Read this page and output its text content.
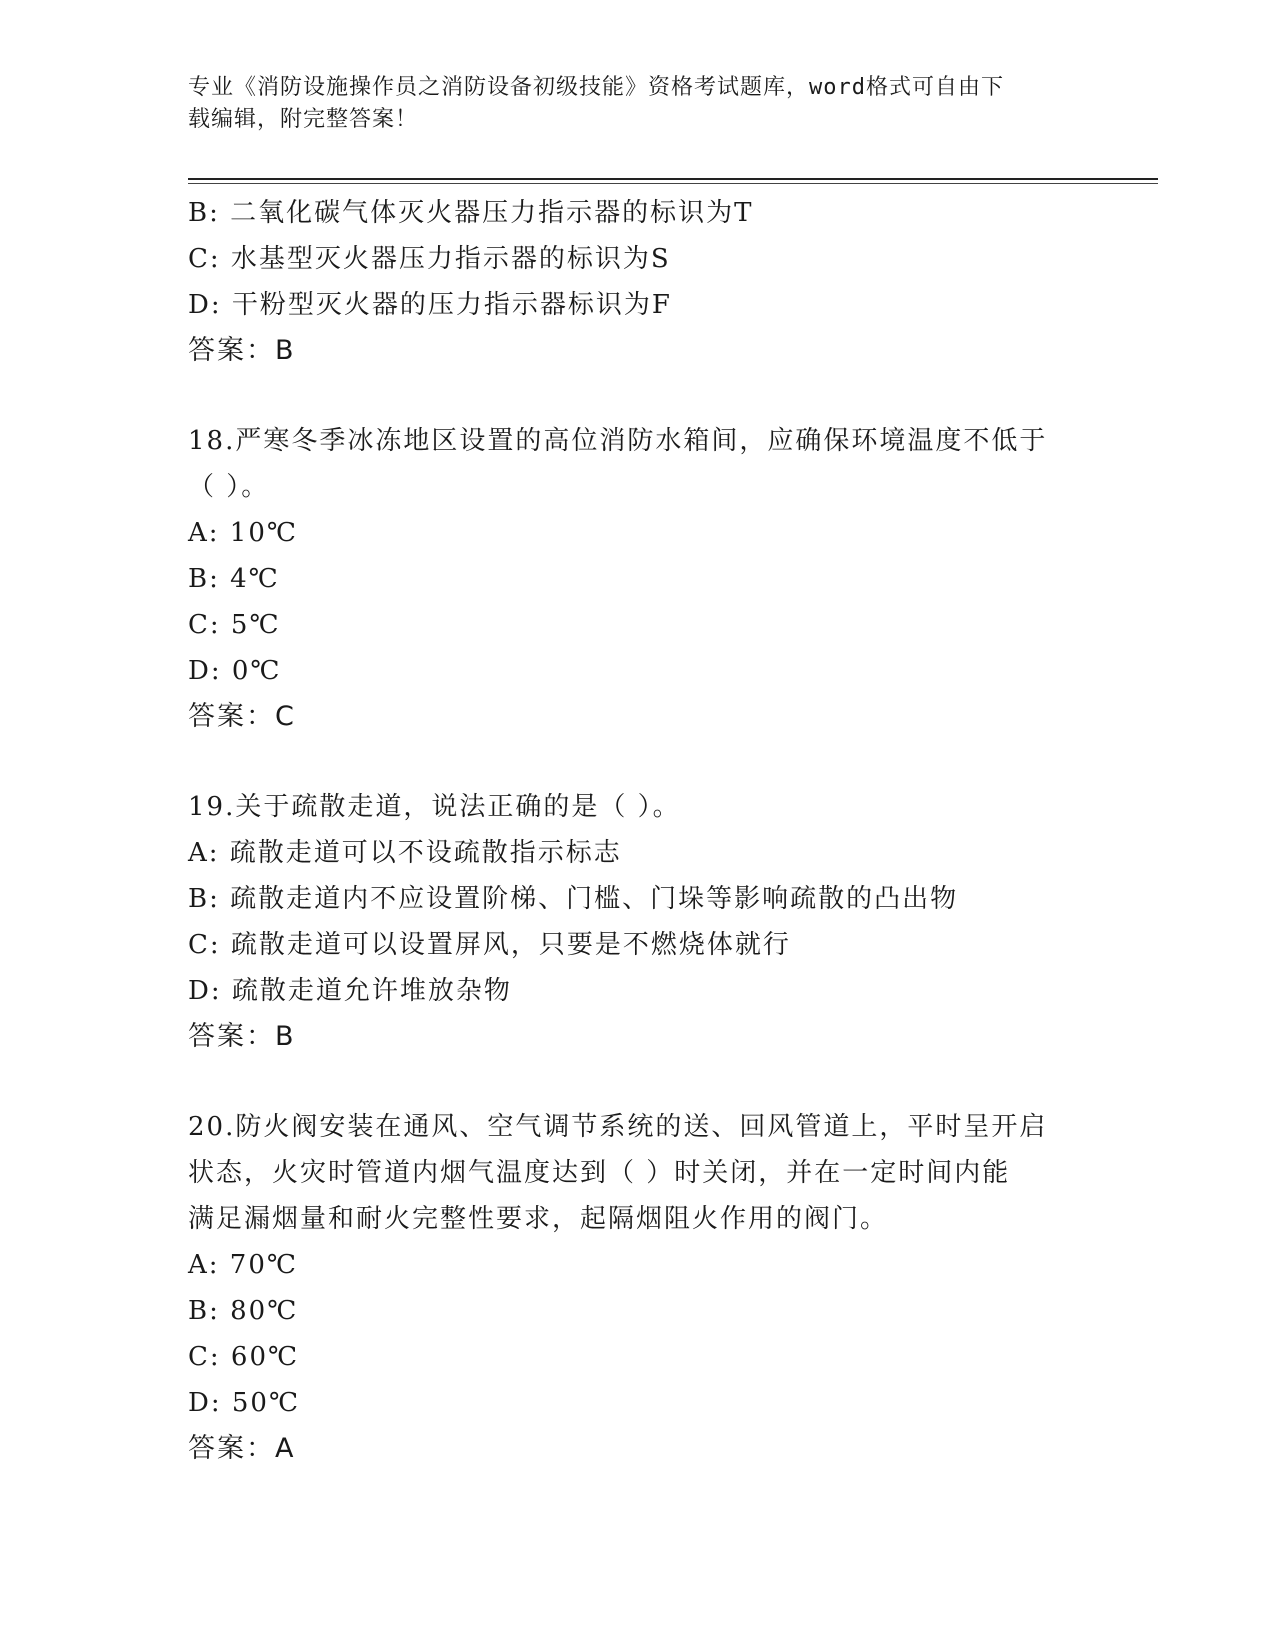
专业《消防设施操作员之消防设备初级技能》资格考试题库，word格式可自由下
载编辑，附完整答案！
B: 二氧化碳气体灭火器压力指示器的标识为T
C: 水基型灭火器压力指示器的标识为S
D: 干粉型灭火器的压力指示器标识为F
答案：B
18.严寒冬季冰冻地区设置的高位消防水箱间，应确保环境温度不低于
（ ）。
A: 10℃
B: 4℃
C: 5℃
D: 0℃
答案：C
19.关于疏散走道，说法正确的是（ ）。
A: 疏散走道可以不设疏散指示标志
B: 疏散走道内不应设置阶梯、门槛、门垛等影响疏散的凸出物
C: 疏散走道可以设置屏风，只要是不燃烧体就行
D: 疏散走道允许堆放杂物
答案：B
20.防火阀安装在通风、空气调节系统的送、回风管道上，平时呈开启
状态，火灾时管道内烟气温度达到（ ）时关闭，并在一定时间内能
满足漏烟量和耐火完整性要求，起隔烟阻火作用的阀门。
A: 70℃
B: 80℃
C: 60℃
D: 50℃
答案：A
